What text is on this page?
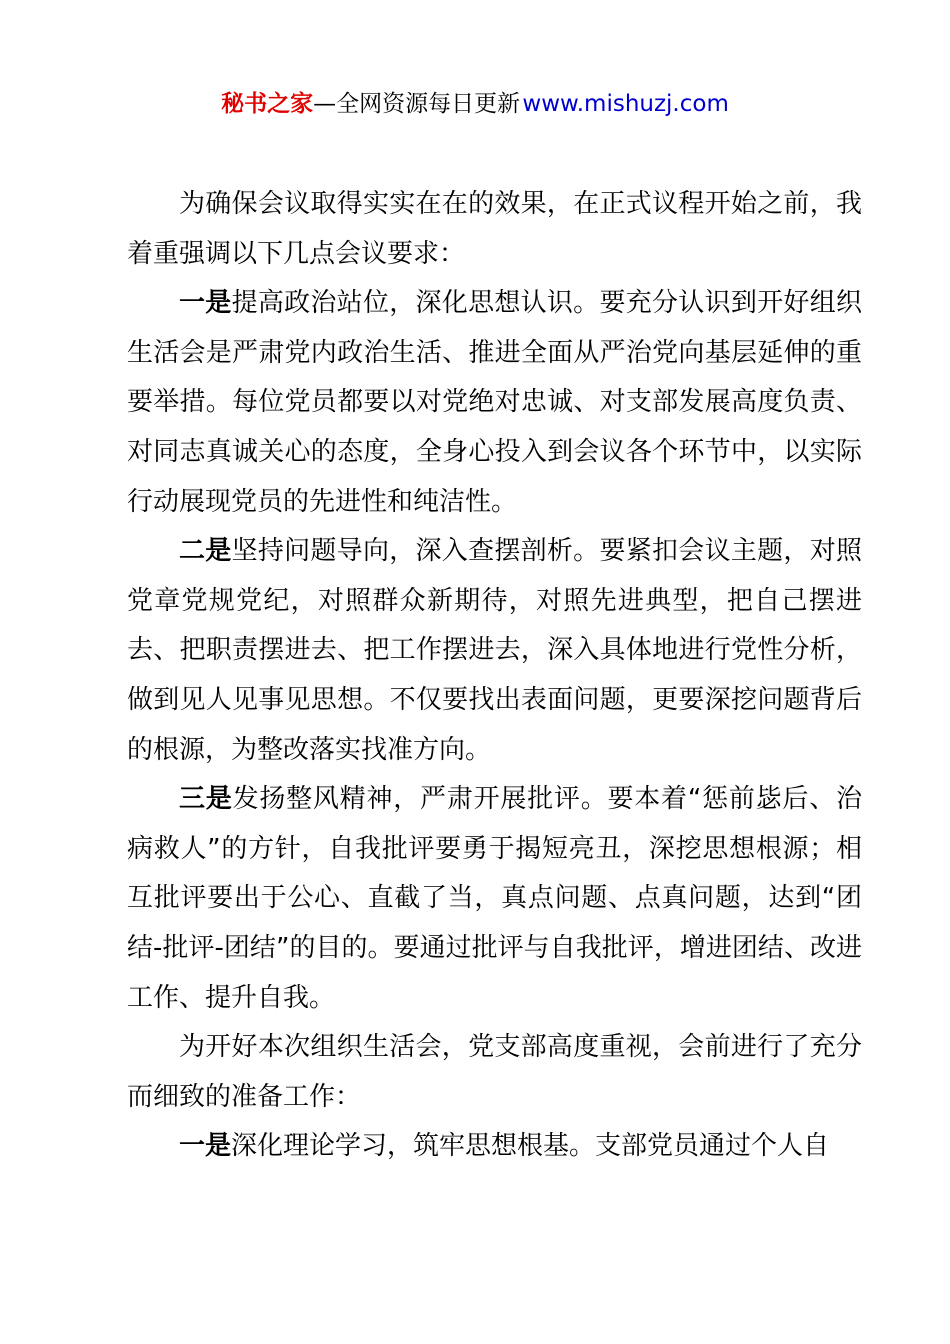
秘书之家—全网资源每日更新 www.mishuzj.com

为确保会议取得实实在在的效果，在正式议程开始之前，我着重强调以下几点会议要求：

一是提高政治站位，深化思想认识。要充分认识到开好组织生活会是严肃党内政治生活、推进全面从严治党向基层延伸的重要举措。每位党员都要以对党绝对忠诚、对支部发展高度负责、对同志真诚关心的态度，全身心投入到会议各个环节中，以实际行动展现党员的先进性和纯洁性。

二是坚持问题导向，深入查摆剖析。要紧扣会议主题，对照党章党规党纪，对照群众新期待，对照先进典型，把自己摆进去、把职责摆进去、把工作摆进去，深入具体地进行党性分析，做到见人见事见思想。不仅要找出表面问题，更要深挖问题背后的根源，为整改落实找准方向。

三是发扬整风精神，严肃开展批评。要本着“惩前毖后、治病救人”的方针，自我批评要勇于揭短亮丑，深挖思想根源；相互批评要出于公心、直截了当，真点问题、点真问题，达到“团结-批评-团结”的目的。要通过批评与自我批评，增进团结、改进工作、提升自我。

为开好本次组织生活会，党支部高度重视，会前进行了充分而细致的准备工作：

一是深化理论学习，筑牢思想根基。支部党员通过个人自
